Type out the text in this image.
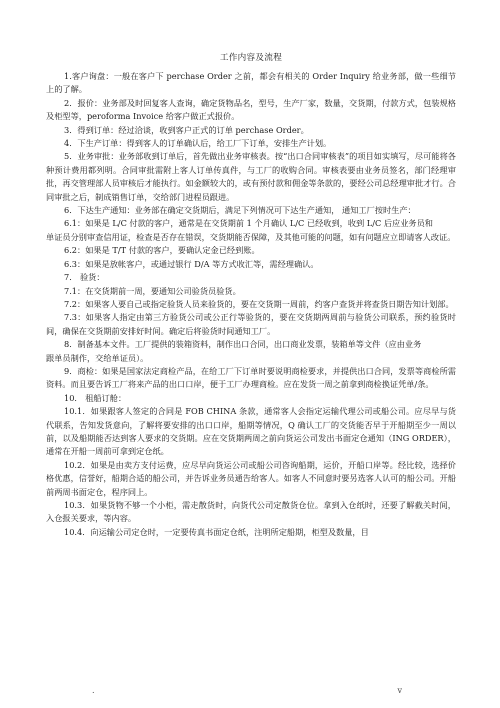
工作内容及流程

1.客户询盘：一般在客户下 perchase Order 之前，都会有相关的 Order Inquiry 给业务部，做一些细节上的了解。

2．报价：业务部及时回复客人查询，确定货物品名，型号，生产厂家，数量，交货期，付款方式，包装规格及柜型等，peroforma Invoice 给客户做正式报价。

3．得到订单：经过洽谈，收到客户正式的订单 perchase Order。

4．下生产订单：得到客人的订单确认后，给工厂下订单，安排生产计划。

5．业务审批：业务部收到订单后，首先做出业务审核表。按“出口合同审核表”的项目如实填写，尽可能将各种预计费用都列明。合同审批需附上客人订单传真件，与工厂的收购合同。审核表要由业务员签名，部门经理审批，再交管理部人员审核后才能执行。如金额较大的，或有预付款和佣金等条款的，要经公司总经理审批才行。合同审批之后，制成销售订单，交给部门进程员跟进。

6．下达生产通知：业务部在确定交货期后，满足下列情况可下达生产通知， 通知工厂按时生产：

6.1：如果是 L/C 付款的客户，通常是在交货期前 1 个月确认 L/C 已经收到，收到 L/C 后应业务员和

单证员分别审查信用证，检查是否存在错误，交货期能否保障，及其他可能的问题，如有问题应立即请客人改证。

6.2：如果是 T/T 付款的客户，要确认定金已经到账。

6.3：如果是放帐客户，或通过银行 D/A 等方式收汇等，需经理确认。

7． 验货：

7.1：在交货期前一周，要通知公司验货员验货。

7.2：如果客人要自己或指定验货人员来验货的，要在交货期一周前，约客户查货并将查货日期告知计划部。

7.3：如果客人指定由第三方验货公司或公正行等验货的，要在交货期两周前与验货公司联系，预约验货时间，确保在交货期前安排好时间。确定后将验货时间通知工厂。

8．制备基本文件。工厂提供的装箱资料，制作出口合同，出口商业发票，装箱单等文件（应由业务

跟单员制作，交给单证员）。

9．商检：如果是国家法定商检产品，在给工厂下订单时要说明商检要求，并提供出口合同，发票等商检所需资料。而且要告诉工厂将来产品的出口口岸，便于工厂办理商检。应在发货一周之前拿到商检换证凭单/条。

10． 租船订舱：

10.1．如果跟客人签定的合同是 FOB CHINA 条款，通常客人会指定运输代理公司或船公司。应尽早与货代联系，告知发货意向，了解将要安排的出口口岸，船期等情况，Q 确认工厂的交货能否早于开船期至少一周以前，以及船期能否达到客人要求的交货期。应在交货期两周之前向货运公司发出书面定仓通知（ING ORDER），通常在开船一周前可拿到定仓纸。

10.2．如果是由卖方支付运费，应尽早向货运公司或船公司咨询船期，运价，开船口岸等。经比较，选择价格优惠，信誉好，船期合适的船公司，并告诉业务员通告给客人。如客人不同意时要另选客人认可的船公司。开船前两周书面定仓，程序同上。

10.3．如果货物不够一个小柜，需走散货时，向货代公司定散货仓位。拿到入仓纸时，还要了解截关时间，入仓报关要求，等内容。

10.4．向运输公司定仓时，一定要传真书面定仓纸，注明所定船期，柜型及数量，目

.	v
